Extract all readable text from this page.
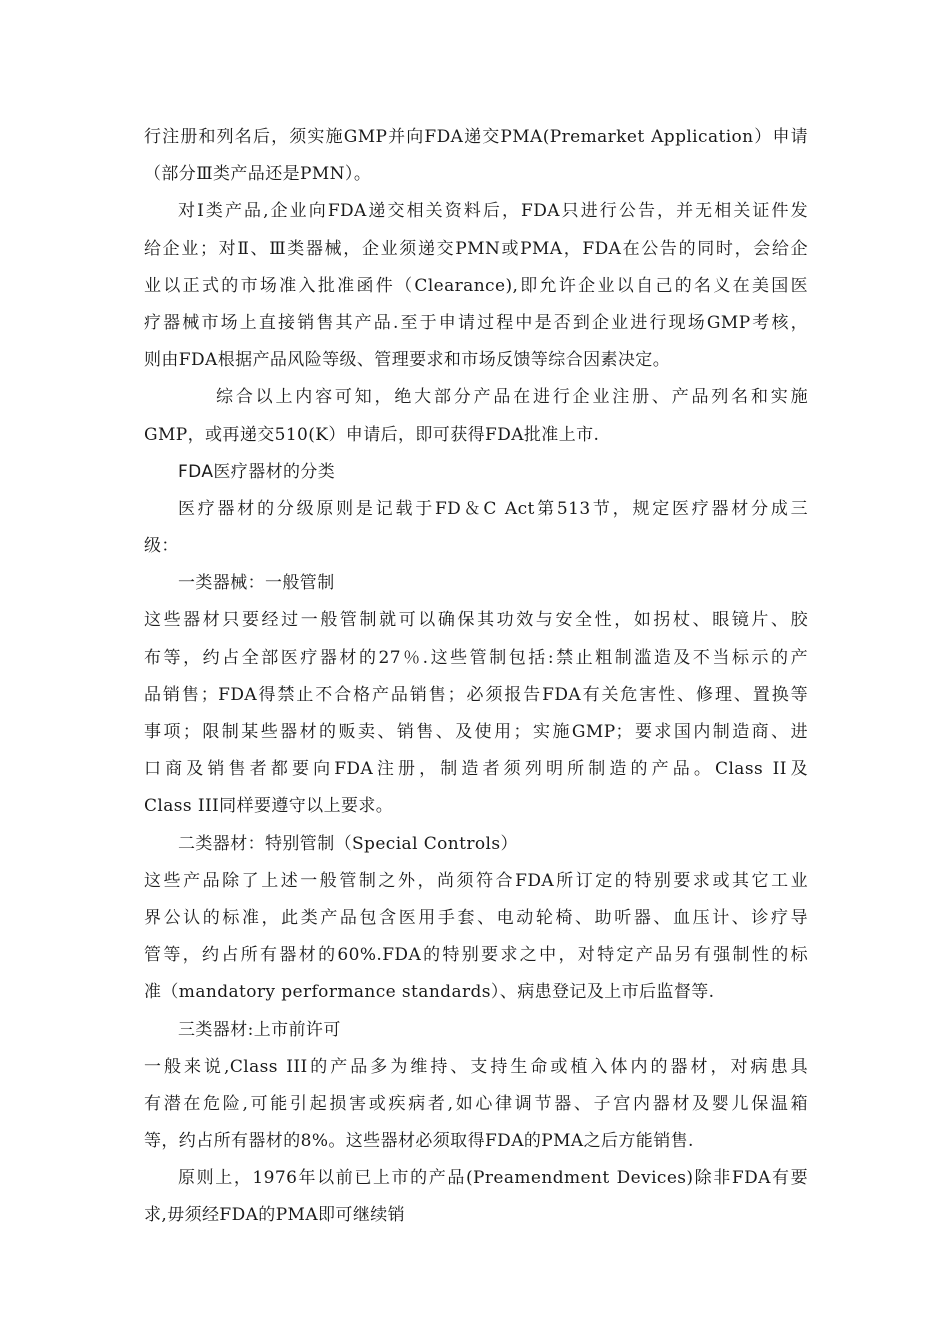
行注册和列名后，须实施GMP并向FDA递交PMA(Premarket Application）申请
（部分Ⅲ类产品还是PMN）。
对Ⅰ类产品,企业向FDA递交相关资料后，FDA只进行公告，并无相关证件发
给企业；对Ⅱ、Ⅲ类器械，企业须递交PMN或PMA，FDA在公告的同时，会给企
业以正式的市场准入批准函件（Clearance),即允许企业以自己的名义在美国医
疗器械市场上直接销售其产品.至于申请过程中是否到企业进行现场GMP考核，
则由FDA根据产品风险等级、管理要求和市场反馈等综合因素决定。
综合以上内容可知，绝大部分产品在进行企业注册、产品列名和实施
GMP，或再递交510(K）申请后，即可获得FDA批准上市.
FDA医疗器材的分类
医疗器材的分级原则是记载于FD＆C Act第513节，规定医疗器材分成三
级：
一类器械：一般管制
这些器材只要经过一般管制就可以确保其功效与安全性，如拐杖、眼镜片、胶
布等，约占全部医疗器材的27％.这些管制包括:禁止粗制滥造及不当标示的产
品销售；FDA得禁止不合格产品销售；必须报告FDA有关危害性、修理、置换等
事项；限制某些器材的贩卖、销售、及使用；实施GMP；要求国内制造商、进
口商及销售者都要向FDA注册，制造者须列明所制造的产品。Class II及
Class III同样要遵守以上要求。
二类器材：特别管制（Special Controls）
这些产品除了上述一般管制之外，尚须符合FDA所订定的特别要求或其它工业
界公认的标准，此类产品包含医用手套、电动轮椅、助听器、血压计、诊疗导
管等，约占所有器材的60%.FDA的特别要求之中，对特定产品另有强制性的标
准（mandatory performance standards）、病患登记及上市后监督等.
三类器材:上市前许可
一般来说,Class III的产品多为维持、支持生命或植入体内的器材，对病患具
有潜在危险,可能引起损害或疾病者,如心律调节器、子宫内器材及婴儿保温箱
等，约占所有器材的8%。这些器材必须取得FDA的PMA之后方能销售.
原则上，1976年以前已上市的产品(Preamendment Devices)除非FDA有要
求,毋须经FDA的PMA即可继续销
